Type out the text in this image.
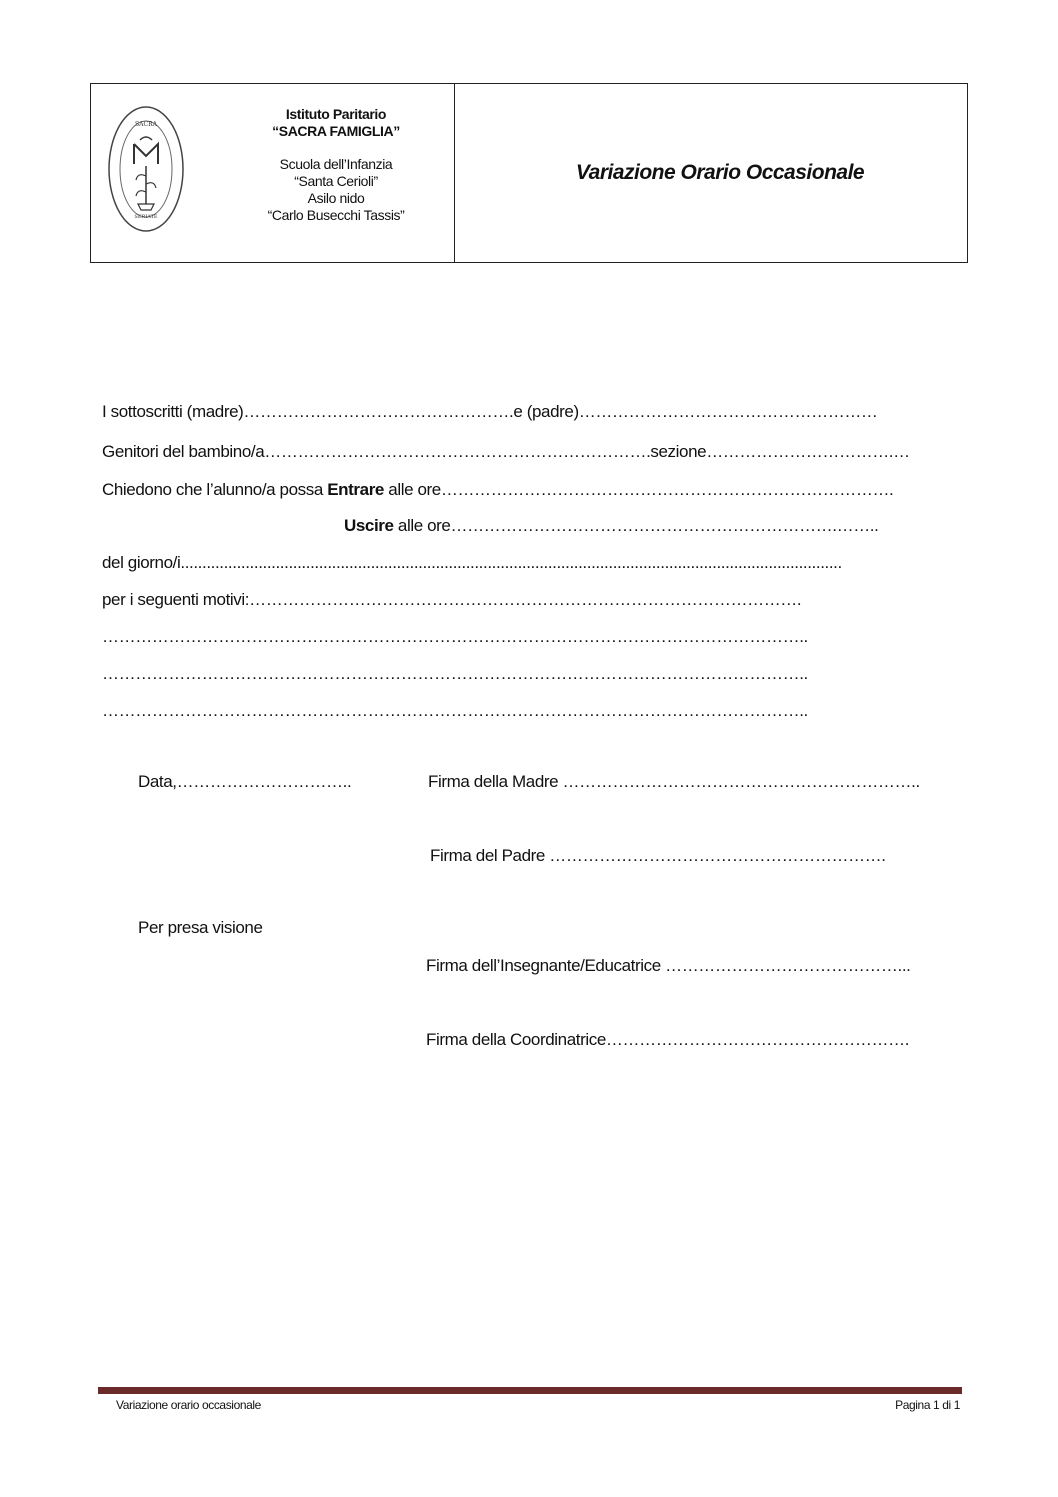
SACRA
SERIATE
Istituto Paritario
“SACRA FAMIGLIA”
Scuola dell’Infanzia
“Santa Cerioli”
Asilo nido
“Carlo Busecchi Tassis”
Variazione Orario Occasionale
I sottoscritti (madre)………………………………………….e (padre)………………………………………………
Genitori del bambino/a…………………………………………………………….sezione…………………………….…
Chiedono che l’alunno/a possa Entrare alle ore……………………………………………………………………….
Uscire alle ore…………………………………………………………….……..
del giorno/i.........................................................................................................................................................
per i seguenti motivi:……………………………………………………………………………………….
………………………………………………………………………………………………………………..
………………………………………………………………………………………………………………..
………………………………………………………………………………………………………………..
Data,…………………………..	Firma della Madre ………………………………………………………..
Firma del Padre …………………………………………………….
Per presa visione
Firma dell’Insegnante/Educatrice ……………………………………...
Firma della Coordinatrice……………………………………………….
Variazione orario occasionale	Pagina 1 di 1
